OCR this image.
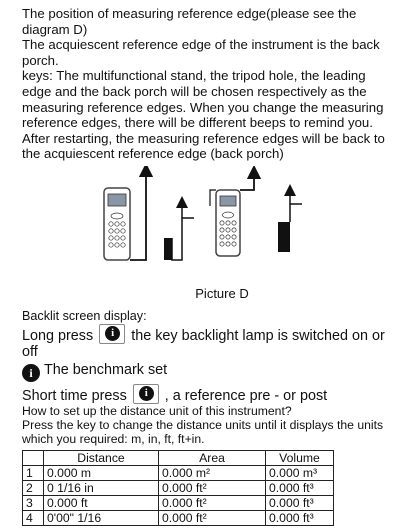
The position of measuring reference edge(please see the diagram D)

The acquiescent reference edge of the instrument is the back porch.

keys: The multifunctional stand, the tripod hole, the leading edge and the back porch will be chosen respectively as the measuring reference edges. When you change the measuring reference edges, there will be different beeps to remind you.

After restarting, the measuring reference edges will be back to the acquiescent reference edge (back porch)

Picture D
Backlit screen display:
Long press	i	the key backlight lamp is switched on or off
i The benchmark set
Short time press	i	, a reference pre - or post
How to set up the distance unit of this instrument?
Press the key to change the distance units until it displays the units which you required: m, in, ft, ft+in.
	Distance	Area	Volume
1	0.000 m	0.000 m²	0.000 m³
2	0 1/16 in	0.000 ft²	0.000 ft³
3	0.000 ft	0.000 ft²	0.000 ft³
4	0'00" 1/16	0.000 ft²	0.000 ft³
